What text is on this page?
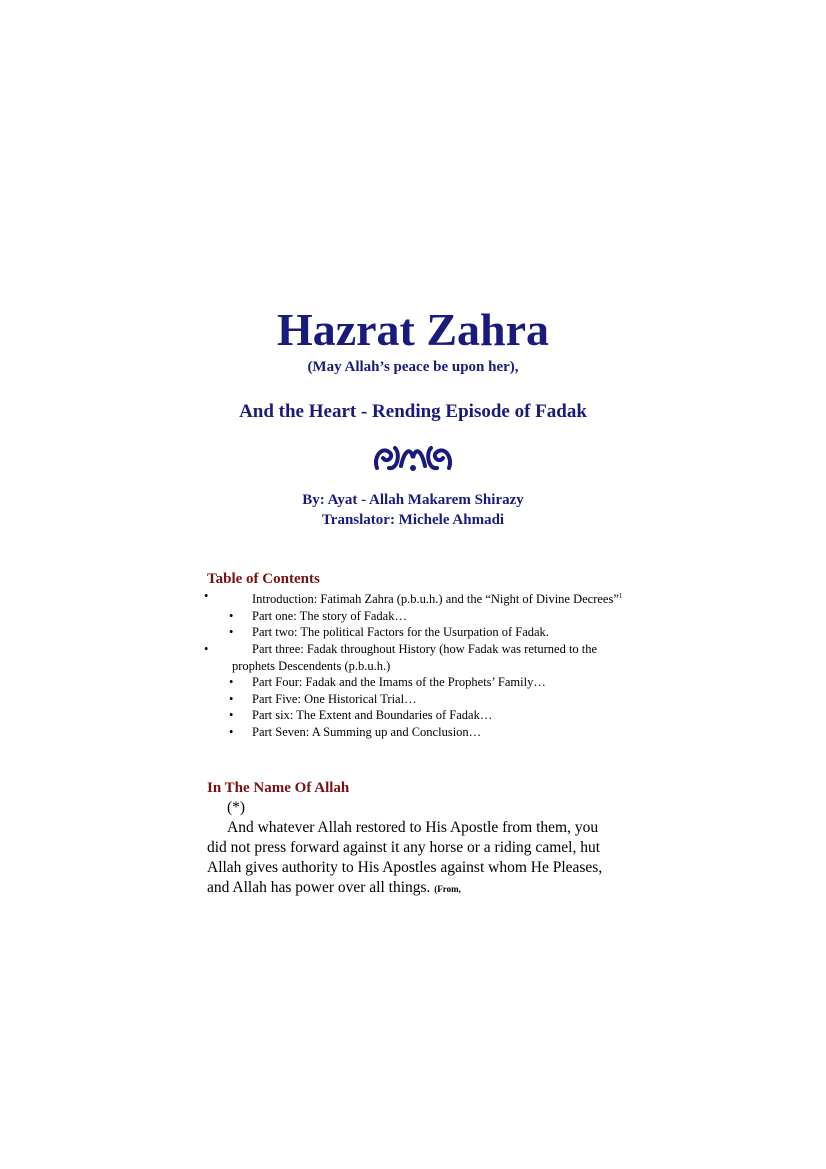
Hazrat Zahra
(May Allah’s peace be upon her),
And the Heart - Rending Episode of Fadak
By: Ayat - Allah Makarem Shirazy
Translator: Michele Ahmadi
Table of Contents
•	Introduction: Fatimah Zahra (p.b.u.h.) and the “Night of Divine Decrees”$^1$
• Part one: The story of Fadak…
• Part two: The political Factors for the Usurpation of Fadak.
•	Part three: Fadak throughout History (how Fadak was returned to the prophets Descendents (p.b.u.h.)
• Part Four: Fadak and the Imams of the Prophets’ Family…
• Part Five: One Historical Trial…
• Part six: The Extent and Boundaries of Fadak…
• Part Seven: A Summing up and Conclusion…
In The Name Of Allah

(*)

And whatever Allah restored to His Apostle from them, you did not press forward against it any horse or a riding camel, hut Allah gives authority to His Apostles against whom He Pleases, and Allah has power over all things. (From,
